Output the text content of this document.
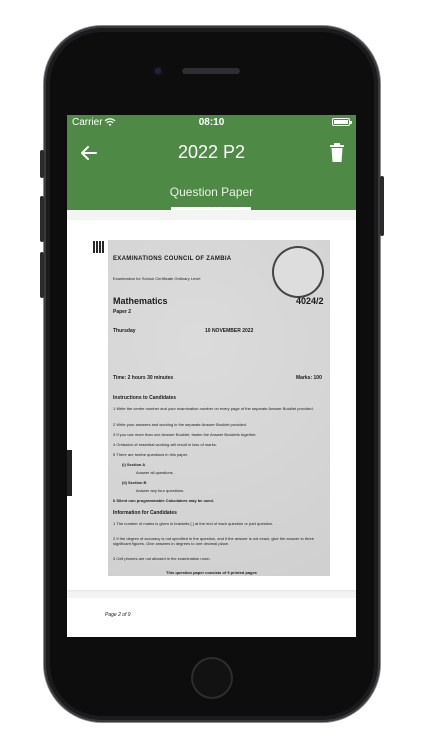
Carrier	08:10
2022 P2
Question Paper
EXAMINATIONS COUNCIL OF ZAMBIA
Examination for School Certificate Ordinary Level
Mathematics	4024/2
Paper 2
Thursday	10 NOVEMBER 2022
Time: 2 hours 30 minutes	Marks: 100
Instructions to Candidates
1 Write the centre number and your examination number on every page of the separate Answer Booklet provided.
2 Write your answers and working in the separate Answer Booklet provided.
3 If you use more than one Answer Booklet, fasten the Answer Booklets together.
4 Omission of essential working will result in loss of marks.
5 There are twelve questions in this paper.
(i) Section A
Answer all questions.
(ii) Section B
Answer any four questions.
6 Silent non programmable Calculators may be used.
Information for Candidates
1 The number of marks is given in brackets [ ] at the end of each question or part question.
2 If the degree of accuracy is not specified in the question, and if the answer is not exact, give the answer to three significant figures. Give answers in degrees to one decimal place.
3 Cell phones are not allowed in the examination room.
This question paper consists of 9 printed pages
Page 2 of 9
